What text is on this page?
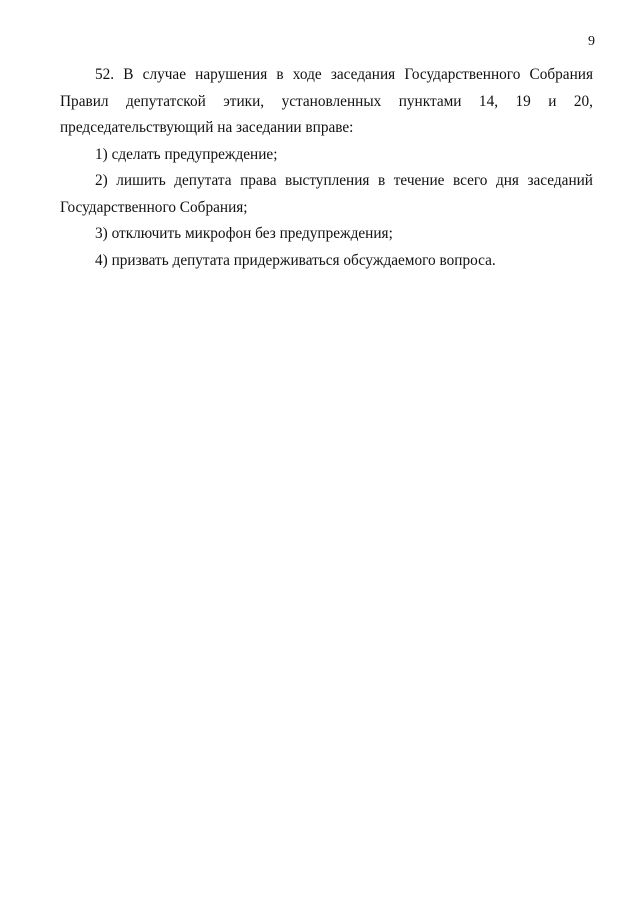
9

52. В случае нарушения в ходе заседания Государственного Собрания Правил депутатской этики, установленных пунктами 14, 19 и 20, председательствующий на заседании вправе:

1) сделать предупреждение;

2) лишить депутата права выступления в течение всего дня заседаний Государственного Собрания;

3) отключить микрофон без предупреждения;

4) призвать депутата придерживаться обсуждаемого вопроса.
